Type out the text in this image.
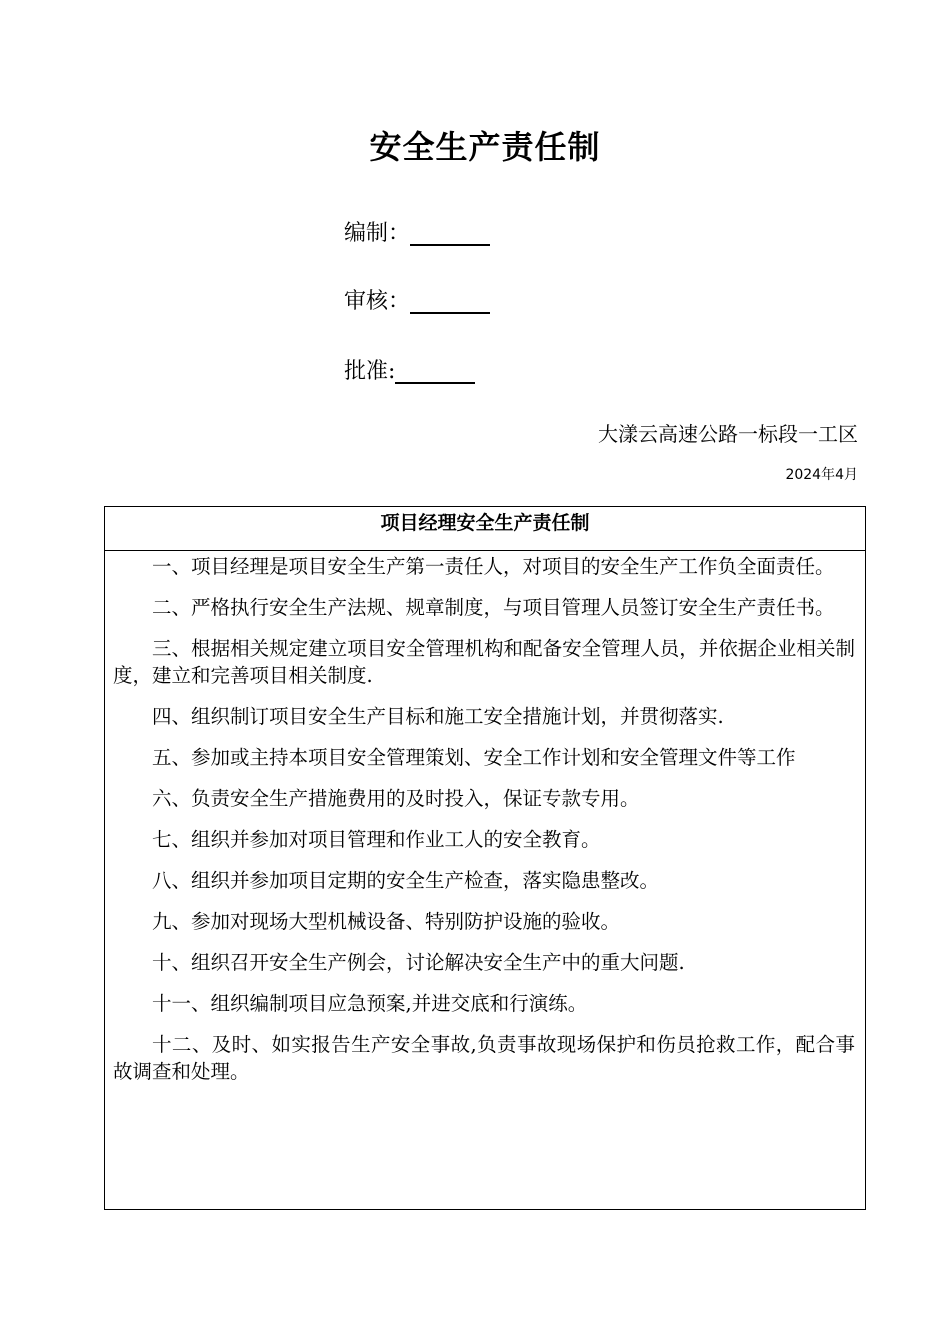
安全生产责任制
编制：
审核：
批准:
大漾云高速公路一标段一工区
2024年4月
项目经理安全生产责任制

一、项目经理是项目安全生产第一责任人，对项目的安全生产工作负全面责任。

二、严格执行安全生产法规、规章制度，与项目管理人员签订安全生产责任书。

三、根据相关规定建立项目安全管理机构和配备安全管理人员，并依据企业相关制度，建立和完善项目相关制度.

四、组织制订项目安全生产目标和施工安全措施计划，并贯彻落实.

五、参加或主持本项目安全管理策划、安全工作计划和安全管理文件等工作

六、负责安全生产措施费用的及时投入，保证专款专用。

七、组织并参加对项目管理和作业工人的安全教育。

八、组织并参加项目定期的安全生产检查，落实隐患整改。

九、参加对现场大型机械设备、特别防护设施的验收。

十、组织召开安全生产例会，讨论解决安全生产中的重大问题.

十一、组织编制项目应急预案,并进交底和行演练。

十二、及时、如实报告生产安全事故,负责事故现场保护和伤员抢救工作，配合事故调查和处理。
